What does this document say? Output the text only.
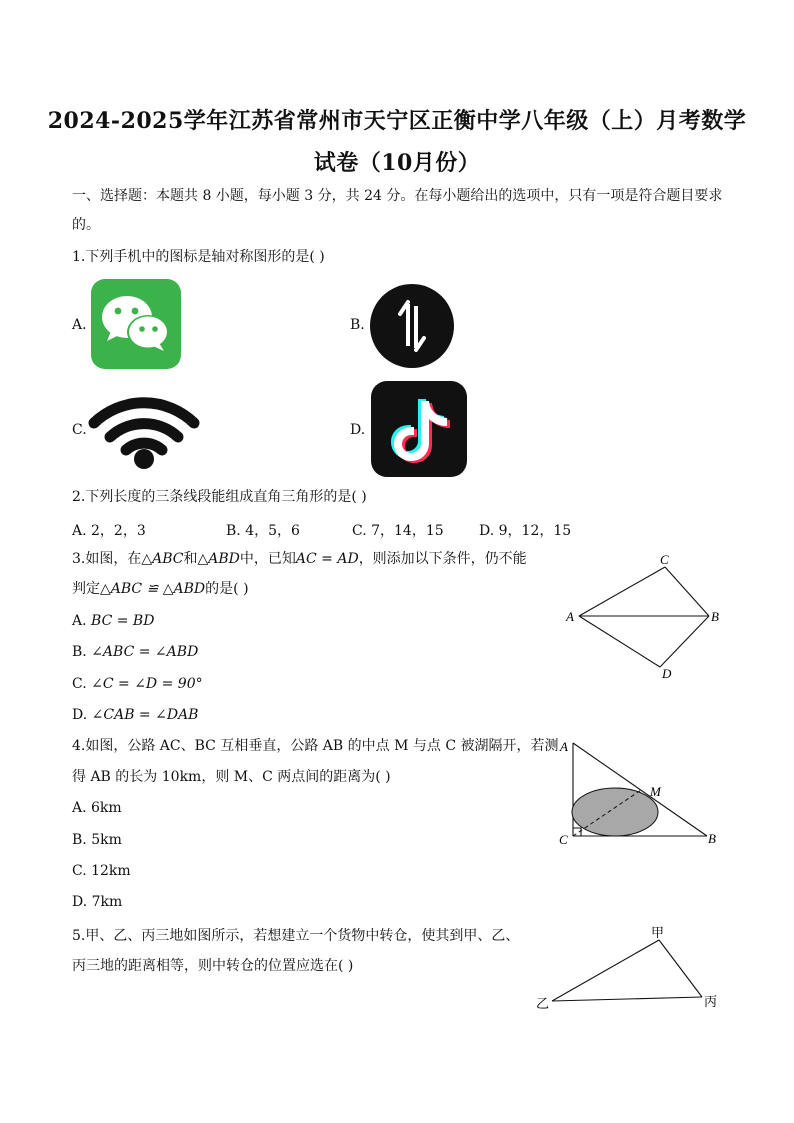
2024-2025学年江苏省常州市天宁区正衡中学八年级（上）月考数学
试卷（10月份）
一、选择题：本题共 8 小题，每小题 3 分，共 24 分。在每小题给出的选项中，只有一项是符合题目要求
的。
1.下列手机中的图标是轴对称图形的是( )
A.	B.
C.	D.
2.下列长度的三条线段能组成直角三角形的是( )
A. 2，2，3	B. 4，5，6	C. 7，14，15	D. 9，12，15
3.如图，在△ABC和△ABD中，已知AC = AD，则添加以下条件，仍不能
判定△ABC ≌ △ABD的是( )
A. BC = BD
B. ∠ABC = ∠ABD
C. ∠C = ∠D = 90°
D. ∠CAB = ∠DAB
A	B
C
D
4.如图，公路 AC、BC 互相垂直，公路 AB 的中点 M 与点 C 被湖隔开，若测
得 AB 的长为 10km，则 M、C 两点间的距离为( )
A. 6km
B. 5km
C. 12km
D. 7km
A
B
C
M
5.甲、乙、丙三地如图所示，若想建立一个货物中转仓，使其到甲、乙、
丙三地的距离相等，则中转仓的位置应选在( )
甲
乙	丙
